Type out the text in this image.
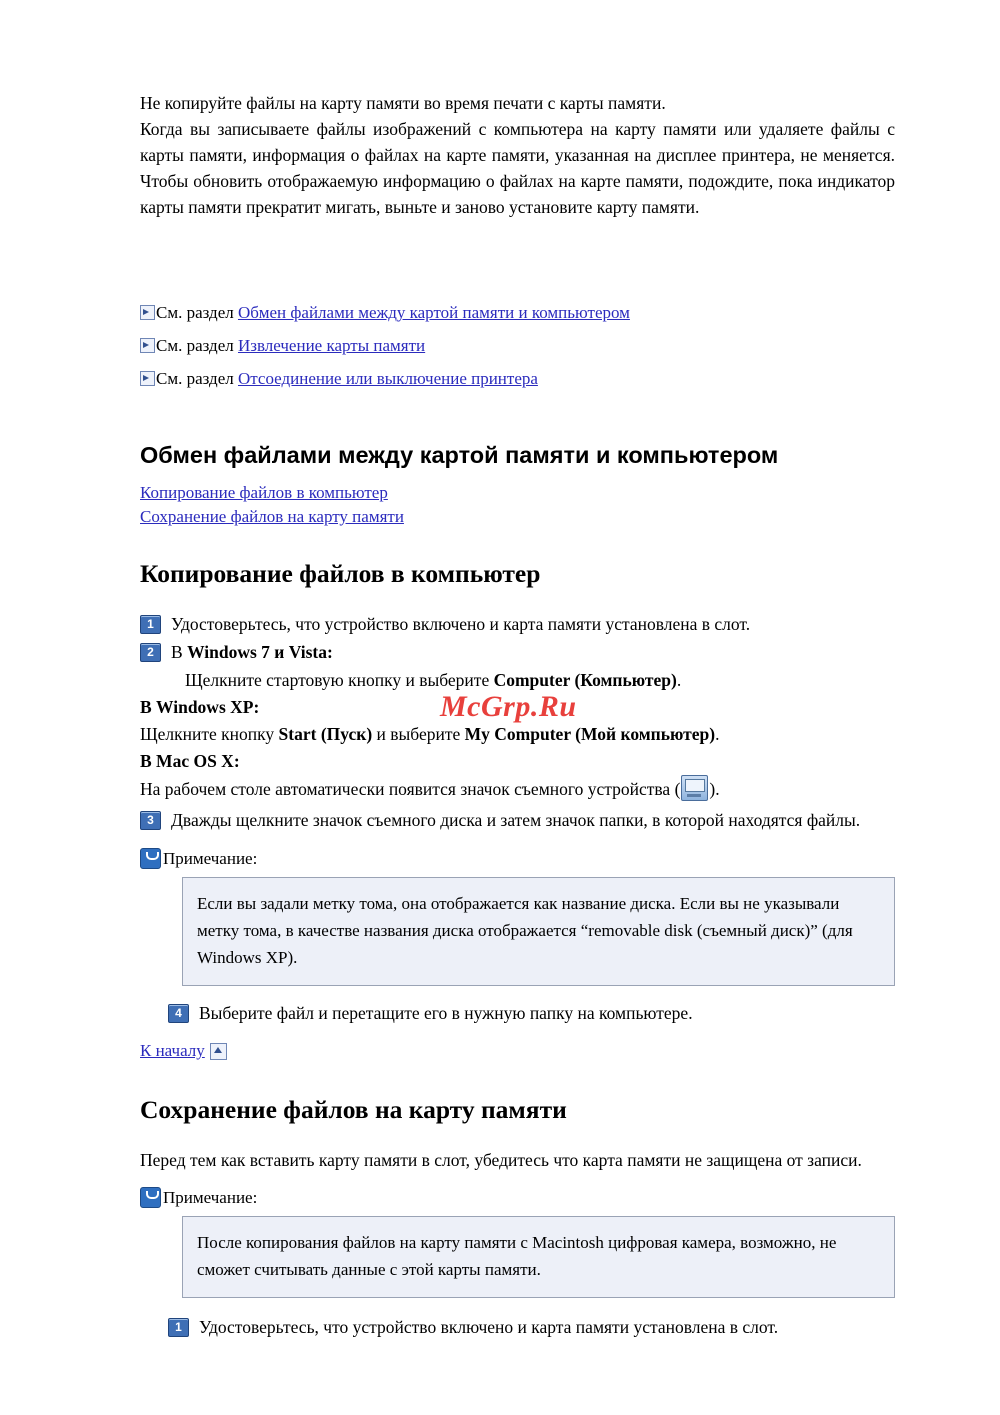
Не копируйте файлы на карту памяти во время печати с карты памяти.

Когда вы записываете файлы изображений с компьютера на карту памяти или удаляете файлы с карты памяти, информация о файлах на карте памяти, указанная на дисплее принтера, не меняется. Чтобы обновить отображаемую информацию о файлах на карте памяти, подождите, пока индикатор карты памяти прекратит мигать, выньте и заново установите карту памяти.

См. раздел Обмен файлами между картой памяти и компьютером
См. раздел Извлечение карты памяти
См. раздел Отсоединение или выключение принтера
Обмен файлами между картой памяти и компьютером
Копирование файлов в компьютер
Сохранение файлов на карту памяти
Копирование файлов в компьютер
1 Удостоверьтесь, что устройство включено и карта памяти установлена в слот.
2 В Windows 7 и Vista:
Щелкните стартовую кнопку и выберите Computer (Компьютер).
В Windows XP:
Щелкните кнопку Start (Пуск) и выберите My Computer (Мой компьютер).
В Mac OS X:
На рабочем столе автоматически появится значок съемного устройства ( ).
3 Дважды щелкните значок съемного диска и затем значок папки, в которой находятся файлы.
Примечание:
Если вы задали метку тома, она отображается как название диска. Если вы не указывали метку тома, в качестве названия диска отображается “removable disk (съемный диск)” (для Windows XP).
4 Выберите файл и перетащите его в нужную папку на компьютере.
К началу
Сохранение файлов на карту памяти

Перед тем как вставить карту памяти в слот, убедитесь что карта памяти не защищена от записи.

Примечание:
После копирования файлов на карту памяти с Macintosh цифровая камера, возможно, не сможет считывать данные с этой карты памяти.
1 Удостоверьтесь, что устройство включено и карта памяти установлена в слот.
McGrp.Ru
